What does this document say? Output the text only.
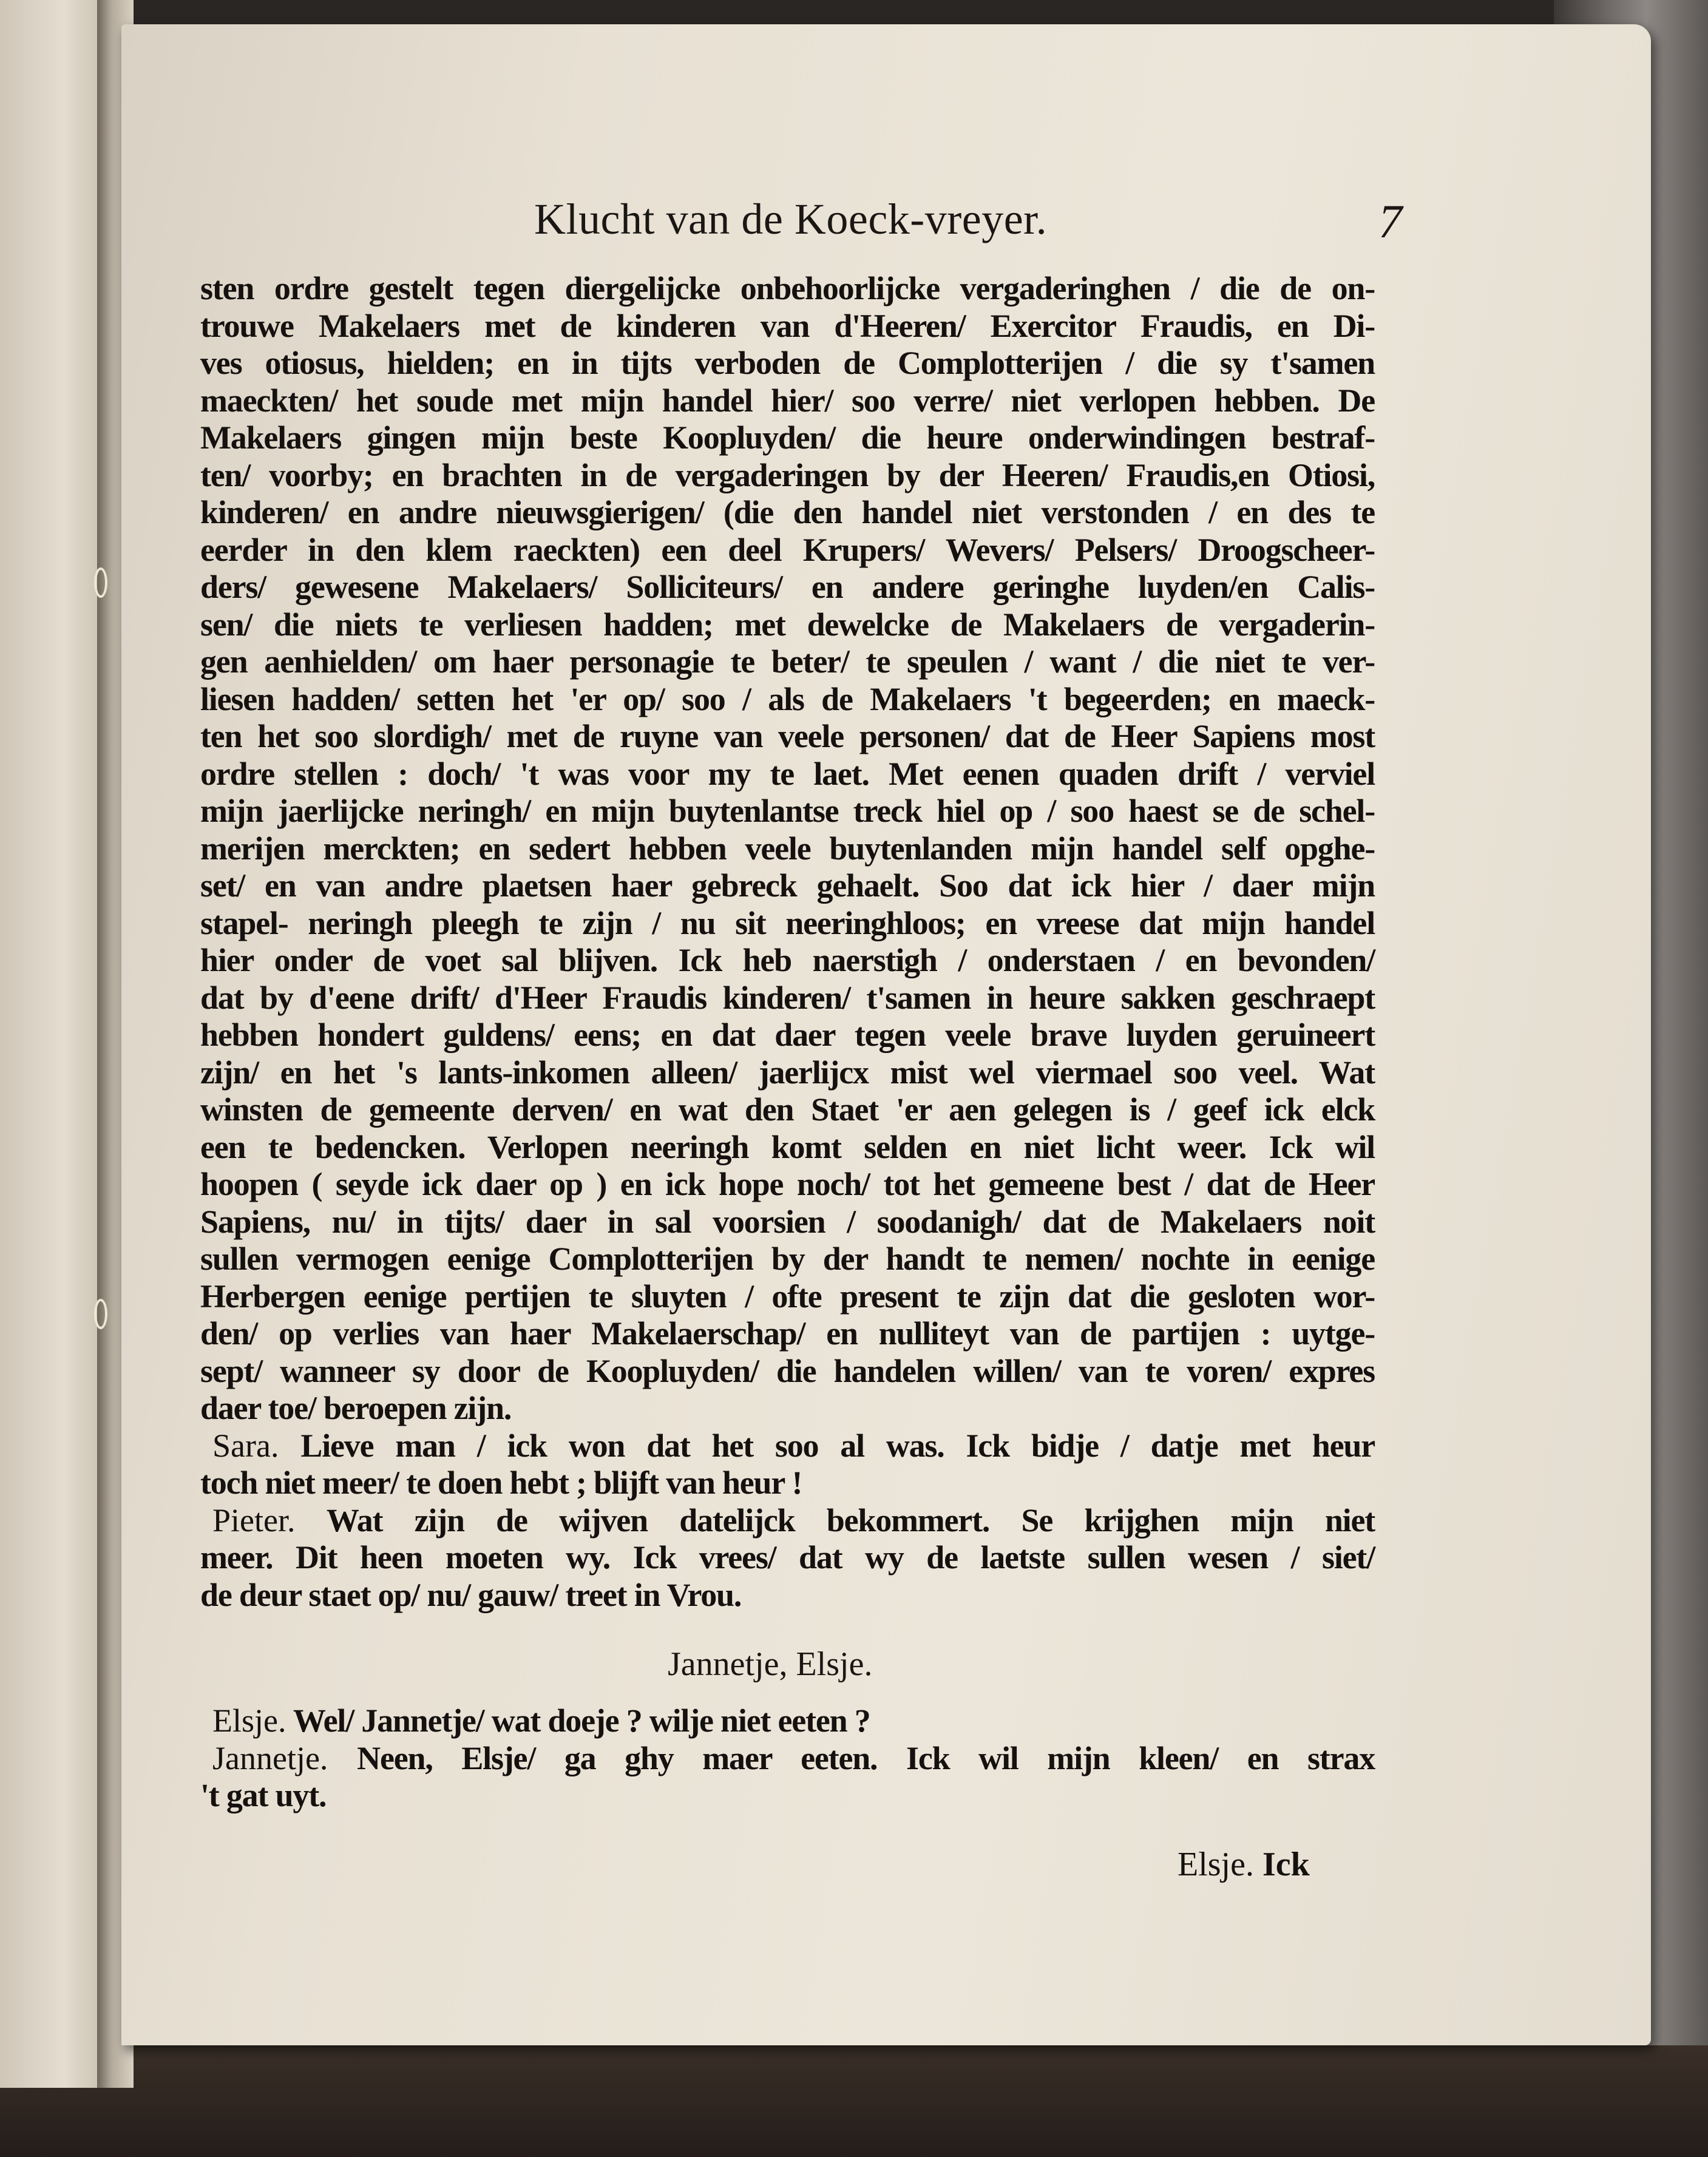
Klucht van de Koeck-vreyer.	7
sten ordre gestelt tegen diergelijcke onbehoorlijcke vergaderinghen / die de on-
trouwe Makelaers met de kinderen van d'Heeren/ Exercitor Fraudis, en Di-
ves otiosus, hielden; en in tijts verboden de Complotterijen / die sy t'samen
maeckten/ het soude met mijn handel hier/ soo verre/ niet verlopen hebben. De
Makelaers gingen mijn beste Koopluyden/ die heure onderwindingen bestraf-
ten/ voorby; en brachten in de vergaderingen by der Heeren/ Fraudis,en Otiosi,
kinderen/ en andre nieuwsgierigen/ (die den handel niet verstonden / en des te
eerder in den klem raeckten) een deel Krupers/ Wevers/ Pelsers/ Droogscheer-
ders/ gewesene Makelaers/ Solliciteurs/ en andere geringhe luyden/en Calis-
sen/ die niets te verliesen hadden; met dewelcke de Makelaers de vergaderin-
gen aenhielden/ om haer personagie te beter/ te speulen / want / die niet te ver-
liesen hadden/ setten het 'er op/ soo / als de Makelaers 't begeerden; en maeck-
ten het soo slordigh/ met de ruyne van veele personen/ dat de Heer Sapiens most
ordre stellen : doch/ 't was voor my te laet. Met eenen quaden drift / verviel
mijn jaerlijcke neringh/ en mijn buytenlantse treck hiel op / soo haest se de schel-
merijen merckten; en sedert hebben veele buytenlanden mijn handel self opghe-
set/ en van andre plaetsen haer gebreck gehaelt. Soo dat ick hier / daer mijn
stapel- neringh pleegh te zijn / nu sit neeringhloos; en vreese dat mijn handel
hier onder de voet sal blijven. Ick heb naerstigh / onderstaen / en bevonden/
dat by d'eene drift/ d'Heer Fraudis kinderen/ t'samen in heure sakken geschraept
hebben hondert guldens/ eens; en dat daer tegen veele brave luyden geruineert
zijn/ en het 's lants-inkomen alleen/ jaerlijcx mist wel viermael soo veel. Wat
winsten de gemeente derven/ en wat den Staet 'er aen gelegen is / geef ick elck
een te bedencken. Verlopen neeringh komt selden en niet licht weer. Ick wil
hoopen ( seyde ick daer op ) en ick hope noch/ tot het gemeene best / dat de Heer
Sapiens, nu/ in tijts/ daer in sal voorsien / soodanigh/ dat de Makelaers noit
sullen vermogen eenige Complotterijen by der handt te nemen/ nochte in eenige
Herbergen eenige pertijen te sluyten / ofte present te zijn dat die gesloten wor-
den/ op verlies van haer Makelaerschap/ en nulliteyt van de partijen : uytge-
sept/ wanneer sy door de Koopluyden/ die handelen willen/ van te voren/ expres
daer toe/ beroepen zijn.
Sara. Lieve man / ick won dat het soo al was. Ick bidje / datje met heur
toch niet meer/ te doen hebt ; blijft van heur !
Pieter. Wat zijn de wijven datelijck bekommert. Se krijghen mijn niet
meer. Dit heen moeten wy. Ick vrees/ dat wy de laetste sullen wesen / siet/
de deur staet op/ nu/ gauw/ treet in Vrou.
Jannetje, Elsje.
Elsje. Wel/ Jannetje/ wat doeje ? wilje niet eeten ?
Jannetje. Neen, Elsje/ ga ghy maer eeten. Ick wil mijn kleen/ en strax
't gat uyt.
Elsje. Ick
